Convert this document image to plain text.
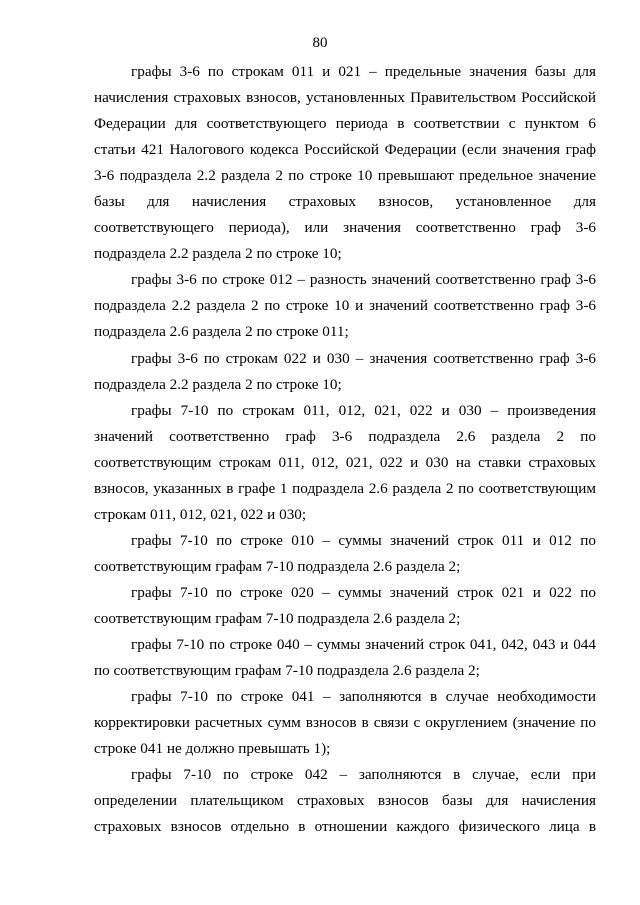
80

графы 3-6 по строкам 011 и 021 – предельные значения базы для начисления страховых взносов, установленных Правительством Российской Федерации для соответствующего периода в соответствии с пунктом 6 статьи 421 Налогового кодекса Российской Федерации (если значения граф 3-6 подраздела 2.2 раздела 2 по строке 10 превышают предельное значение базы для начисления страховых взносов, установленное для соответствующего периода), или значения соответственно граф 3-6 подраздела 2.2 раздела 2 по строке 10;

графы 3-6 по строке 012 – разность значений соответственно граф 3-6 подраздела 2.2 раздела 2 по строке 10 и значений соответственно граф 3-6 подраздела 2.6 раздела 2 по строке 011;

графы 3-6 по строкам 022 и 030 – значения соответственно граф 3-6 подраздела 2.2 раздела 2 по строке 10;

графы 7-10 по строкам 011, 012, 021, 022 и 030 – произведения значений соответственно граф 3-6 подраздела 2.6 раздела 2 по соответствующим строкам 011, 012, 021, 022 и 030 на ставки страховых взносов, указанных в графе 1 подраздела 2.6 раздела 2 по соответствующим строкам 011, 012, 021, 022 и 030;

графы 7-10 по строке 010 – суммы значений строк 011 и 012 по соответствующим графам 7-10 подраздела 2.6 раздела 2;

графы 7-10 по строке 020 – суммы значений строк 021 и 022 по соответствующим графам 7-10 подраздела 2.6 раздела 2;

графы 7-10 по строке 040 – суммы значений строк 041, 042, 043 и 044 по соответствующим графам 7-10 подраздела 2.6 раздела 2;

графы 7-10 по строке 041 – заполняются в случае необходимости корректировки расчетных сумм взносов в связи с округлением (значение по строке 041 не должно превышать 1);

графы 7-10 по строке 042 – заполняются в случае, если при определении плательщиком страховых взносов базы для начисления страховых взносов отдельно в отношении каждого физического лица в
